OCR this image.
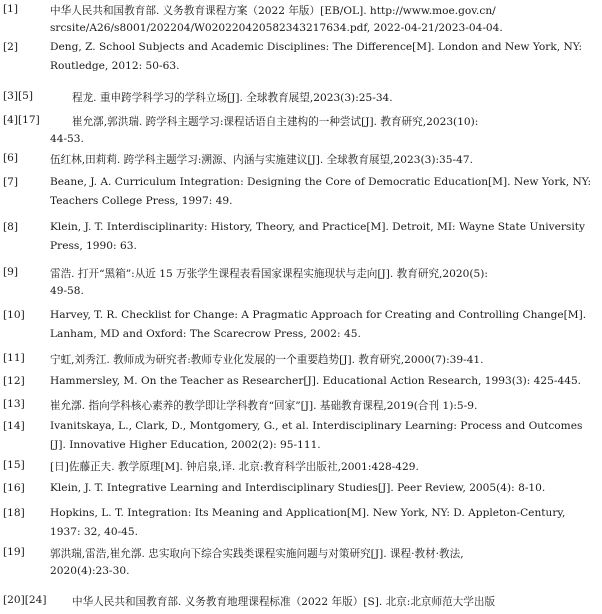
[1]	中华人民共和国教育部. 义务教育课程方案（2022 年版）[EB/OL]. http://www.moe.gov.cn/
srcsite/A26/s8001/202204/W020220420582343217634.pdf, 2022-04-21/2023-04-04.
[2]	Deng, Z. School Subjects and Academic Disciplines: The Difference[M]. London and New York, NY:
Routledge, 2012: 50-63.
[3][5]	程龙. 重申跨学科学习的学科立场[J]. 全球教育展望,2023(3):25-34.
[4][17]	崔允漷,郭洪瑞. 跨学科主题学习:课程话语自主建构的一种尝试[J]. 教育研究,2023(10):
44-53.
[6]	伍红林,田莉莉. 跨学科主题学习:溯源、内涵与实施建议[J]. 全球教育展望,2023(3):35-47.
[7]	Beane, J. A. Curriculum Integration: Designing the Core of Democratic Education[M]. New York, NY:
Teachers College Press, 1997: 49.
[8]	Klein, J. T. Interdisciplinarity: History, Theory, and Practice[M]. Detroit, MI: Wayne State University
Press, 1990: 63.
[9]	雷浩. 打开“黑箱”:从近 15 万张学生课程表看国家课程实施现状与走向[J]. 教育研究,2020(5):
49-58.
[10] Harvey, T. R. Checklist for Change: A Pragmatic Approach for Creating and Controlling Change[M].
Lanham, MD and Oxford: The Scarecrow Press, 2002: 45.
[11] 宁虹,刘秀江. 教师成为研究者:教师专业化发展的一个重要趋势[J]. 教育研究,2000(7):39-41.
[12] Hammersley, M. On the Teacher as Researcher[J]. Educational Action Research, 1993(3): 425-445.
[13] 崔允漷. 指向学科核心素养的教学即让学科教育“回家”[J]. 基础教育课程,2019(合刊 1):5-9.
[14] Ivanitskaya, L., Clark, D., Montgomery, G., et al. Interdisciplinary Learning: Process and Outcomes
[J]. Innovative Higher Education, 2002(2): 95-111.
[15] [日]佐藤正夫. 教学原理[M]. 钟启泉,译. 北京:教育科学出版社,2001:428-429.
[16] Klein, J. T. Integrative Learning and Interdisciplinary Studies[J]. Peer Review, 2005(4): 8-10.
[18] Hopkins, L. T. Integration: Its Meaning and Application[M]. New York, NY: D. Appleton-Century,
1937: 32, 40-45.
[19] 郭洪瑞,雷浩,崔允漷. 忠实取向下综合实践类课程实施问题与对策研究[J]. 课程·教材·教法,
2020(4):23-30.
[20][24] 中华人民共和国教育部. 义务教育地理课程标准（2022 年版）[S]. 北京:北京师范大学出版
